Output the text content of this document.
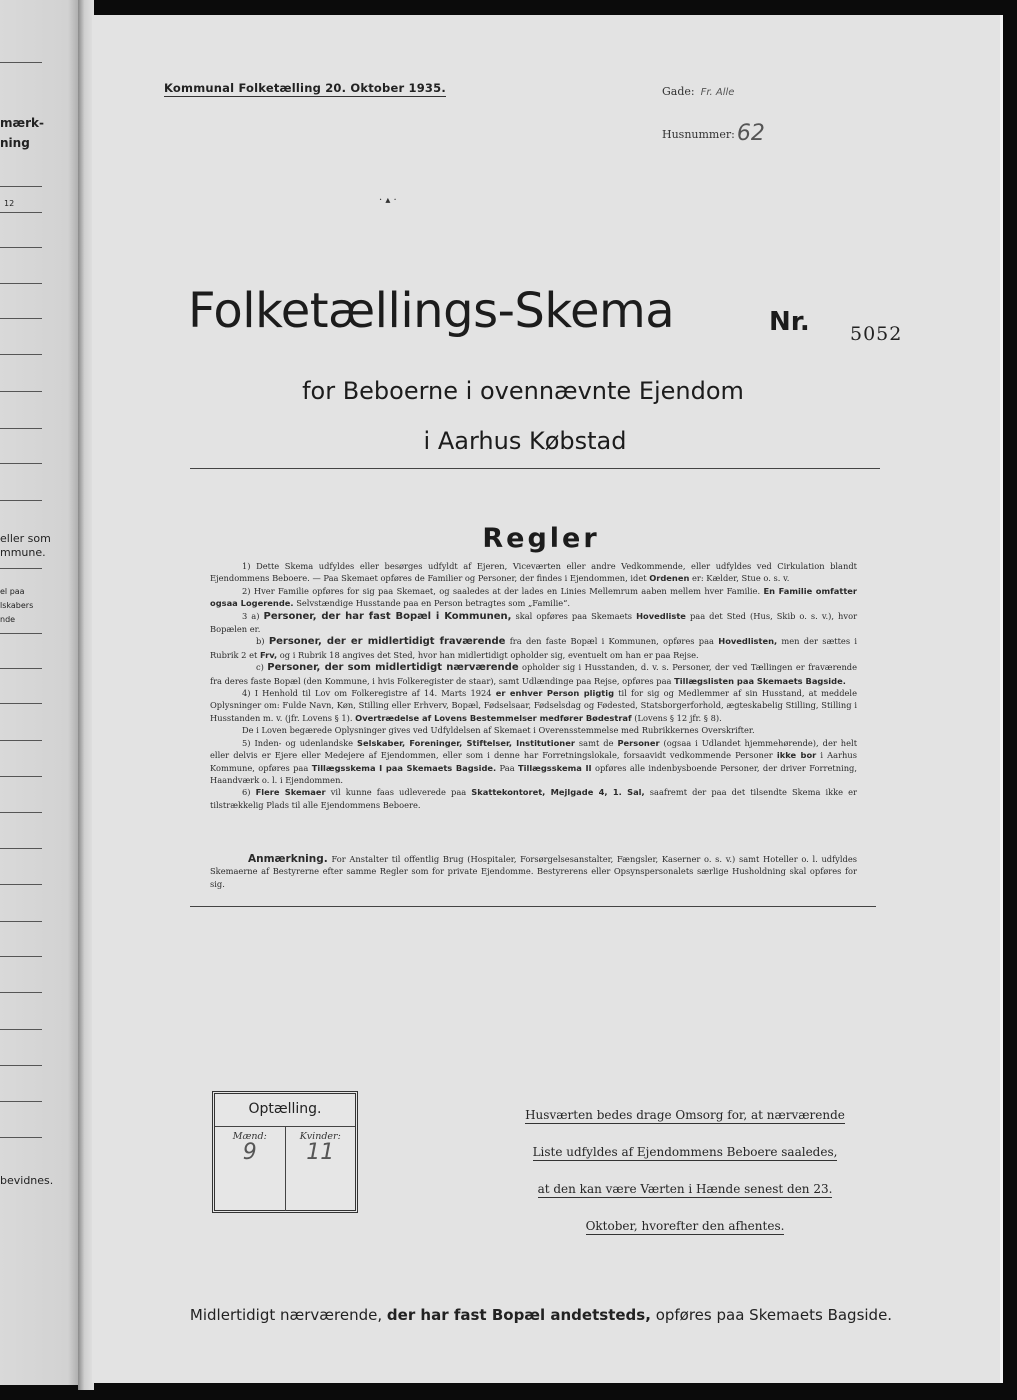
mærk-
ning
12
eller som
mmune.
el paa
lskabers
nde
bevidnes.
Kommunal Folketælling 20. Oktober 1935.	Gade: Fr. Alle
Husnummer:62
· ▴ ·
Folketællings-Skema	Nr. 5052
for Beboerne i ovennævnte Ejendom
i Aarhus Købstad
Regler

1) Dette Skema udfyldes eller besørges udfyldt af Ejeren, Viceværten eller andre Vedkommende, eller udfyldes ved Cirkulation blandt Ejendommens Beboere. — Paa Skemaet opføres de Familier og Personer, der findes i Ejendommen, idet Ordenen er: Kælder, Stue o. s. v.

2) Hver Familie opføres for sig paa Skemaet, og saaledes at der lades en Linies Mellemrum aaben mellem hver Familie. En Familie omfatter ogsaa Logerende. Selvstændige Husstande paa en Person betragtes som „Familie“.

3 a) Personer, der har fast Bopæl i Kommunen, skal opføres paa Skemaets Hovedliste paa det Sted (Hus, Skib o. s. v.), hvor Bopælen er.

b) Personer, der er midlertidigt fraværende fra den faste Bopæl i Kommunen, opføres paa Hovedlisten, men der sættes i Rubrik 2 et Frv, og i Rubrik 18 angives det Sted, hvor han midlertidigt opholder sig, eventuelt om han er paa Rejse.

c) Personer, der som midlertidigt nærværende opholder sig i Husstanden, d. v. s. Personer, der ved Tællingen er fraværende fra deres faste Bopæl (den Kommune, i hvis Folkeregister de staar), samt Udlændinge paa Rejse, opføres paa Tillægslisten paa Skemaets Bagside.

4) I Henhold til Lov om Folkeregistre af 14. Marts 1924 er enhver Person pligtig til for sig og Medlemmer af sin Husstand, at meddele Oplysninger om: Fulde Navn, Køn, Stilling eller Erhverv, Bopæl, Fødselsaar, Fødselsdag og Fødested, Statsborgerforhold, ægteskabelig Stilling, Stilling i Husstanden m. v. (jfr. Lovens § 1). Overtrædelse af Lovens Bestemmelser medfører Bødestraf (Lovens § 12 jfr. § 8).

De i Loven begærede Oplysninger gives ved Udfyldelsen af Skemaet i Overensstemmelse med Rubrikkernes Overskrifter.

5) Inden- og udenlandske Selskaber, Foreninger, Stiftelser, Institutioner samt de Personer (ogsaa i Udlandet hjemmehørende), der helt eller delvis er Ejere eller Medejere af Ejendommen, eller som i denne har Forretningslokale, forsaavidt vedkommende Personer ikke bor i Aarhus Kommune, opføres paa Tillægsskema I paa Skemaets Bagside. Paa Tillægsskema II opføres alle indenbysboende Personer, der driver Forretning, Haandværk o. l. i Ejendommen.

6) Flere Skemaer vil kunne faas udleverede paa Skattekontoret, Mejlgade 4, 1. Sal, saafremt der paa det tilsendte Skema ikke er tilstrækkelig Plads til alle Ejendommens Beboere.

Anmærkning. For Anstalter til offentlig Brug (Hospitaler, Forsørgelsesanstalter, Fængsler, Kaserner o. s. v.) samt Hoteller o. l. udfyldes Skemaerne af Bestyrerne efter samme Regler som for private Ejendomme. Bestyrerens eller Opsynspersonalets særlige Husholdning skal opføres for sig.

Optælling.
Mænd:
9
Kvinder:
11
Husværten bedes drage Omsorg for, at nærværende
Liste udfyldes af Ejendommens Beboere saaledes,
at den kan være Værten i Hænde senest den 23.
Oktober, hvorefter den afhentes.
Midlertidigt nærværende, der har fast Bopæl andetsteds, opføres paa Skemaets Bagside.
